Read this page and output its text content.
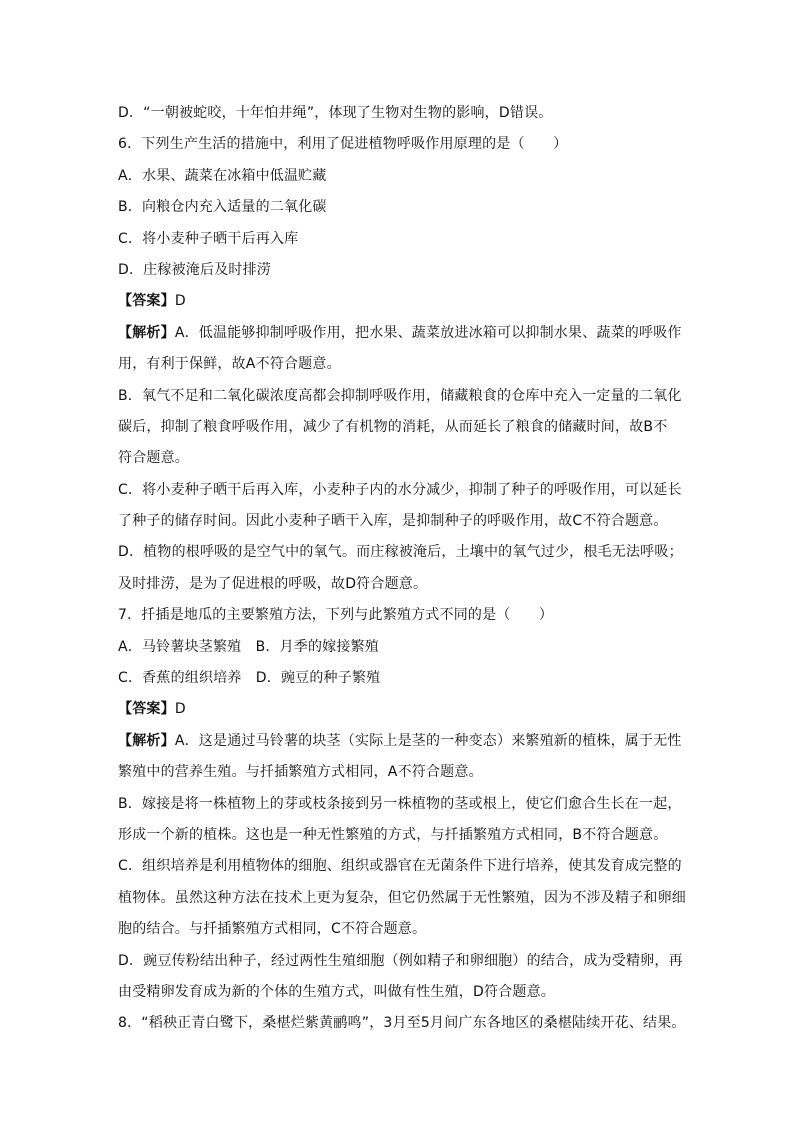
D．“一朝被蛇咬，十年怕井绳”，体现了生物对生物的影响，D错误。
6．下列生产生活的措施中，利用了促进植物呼吸作用原理的是（　　）
A．水果、蔬菜在冰箱中低温贮藏
B．向粮仓内充入适量的二氧化碳
C．将小麦种子晒干后再入库
D．庄稼被淹后及时排涝
【答案】D
【解析】A．低温能够抑制呼吸作用，把水果、蔬菜放进冰箱可以抑制水果、蔬菜的呼吸作
用，有利于保鲜，故A不符合题意。
B．氧气不足和二氧化碳浓度高都会抑制呼吸作用，储藏粮食的仓库中充入一定量的二氧化
碳后，抑制了粮食呼吸作用，减少了有机物的消耗，从而延长了粮食的储藏时间，故B不
符合题意。
C．将小麦种子晒干后再入库，小麦种子内的水分减少，抑制了种子的呼吸作用，可以延长
了种子的储存时间。因此小麦种子晒干入库，是抑制种子的呼吸作用，故C不符合题意。
D．植物的根呼吸的是空气中的氧气。而庄稼被淹后，土壤中的氧气过少，根毛无法呼吸；
及时排涝，是为了促进根的呼吸，故D符合题意。
7．扦插是地瓜的主要繁殖方法，下列与此繁殖方式不同的是（　　）
A．马铃薯块茎繁殖　B．月季的嫁接繁殖
C．香蕉的组织培养　D．豌豆的种子繁殖
【答案】D
【解析】A．这是通过马铃薯的块茎（实际上是茎的一种变态）来繁殖新的植株，属于无性
繁殖中的营养生殖。与扦插繁殖方式相同，A不符合题意。
B．嫁接是将一株植物上的芽或枝条接到另一株植物的茎或根上，使它们愈合生长在一起，
形成一个新的植株。这也是一种无性繁殖的方式，与扦插繁殖方式相同，B不符合题意。
C．组织培养是利用植物体的细胞、组织或器官在无菌条件下进行培养，使其发育成完整的
植物体。虽然这种方法在技术上更为复杂，但它仍然属于无性繁殖，因为不涉及精子和卵细
胞的结合。与扦插繁殖方式相同，C不符合题意。
D．豌豆传粉结出种子，经过两性生殖细胞（例如精子和卵细胞）的结合，成为受精卵，再
由受精卵发育成为新的个体的生殖方式，叫做有性生殖，D符合题意。
8．“稻秧正青白鹭下，桑椹烂紫黄鹂鸣”，3月至5月间广东各地区的桑椹陆续开花、结果。
